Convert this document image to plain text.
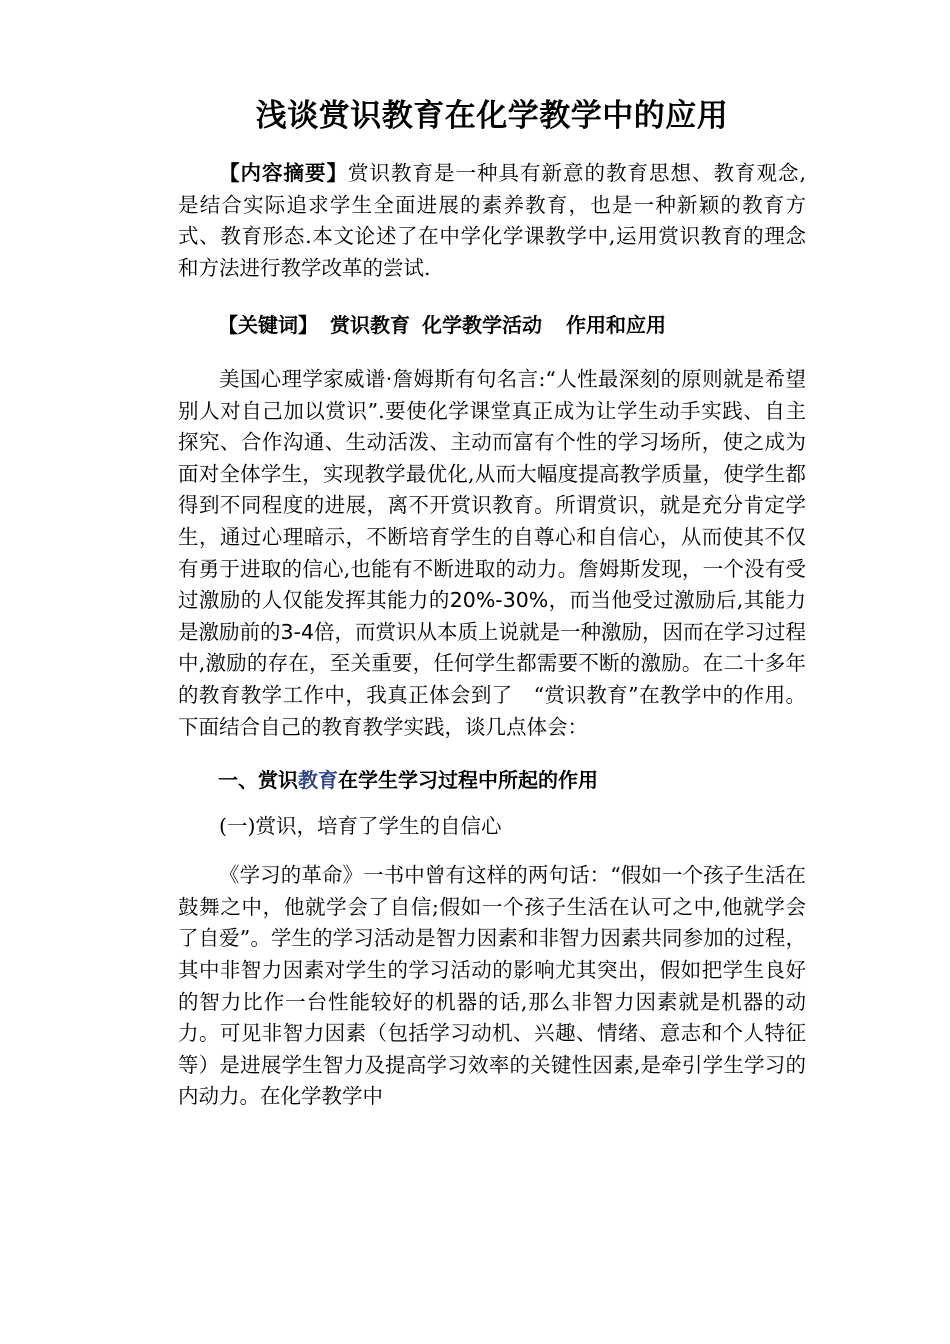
浅谈赏识教育在化学教学中的应用

【内容摘要】赏识教育是一种具有新意的教育思想、教育观念, 是结合实际追求学生全面进展的素养教育，也是一种新颖的教育方式、教育形态.本文论述了在中学化学课教学中,运用赏识教育的理念和方法进行教学改革的尝试.

【关键词】 赏识教育 化学教学活动 作用和应用

美国心理学家威谱·詹姆斯有句名言:“人性最深刻的原则就是希望别人对自己加以赏识”.要使化学课堂真正成为让学生动手实践、自主探究、合作沟通、生动活泼、主动而富有个性的学习场所，使之成为面对全体学生，实现教学最优化,从而大幅度提高教学质量，使学生都得到不同程度的进展，离不开赏识教育。所谓赏识，就是充分肯定学生，通过心理暗示，不断培育学生的自尊心和自信心，从而使其不仅有勇于进取的信心,也能有不断进取的动力。詹姆斯发现，一个没有受过激励的人仅能发挥其能力的20%-30%，而当他受过激励后,其能力是激励前的3-4倍，而赏识从本质上说就是一种激励，因而在学习过程中,激励的存在，至关重要，任何学生都需要不断的激励。在二十多年的教育教学工作中，我真正体会到了　“赏识教育”在教学中的作用。下面结合自己的教育教学实践，谈几点体会：

一、赏识教育在学生学习过程中所起的作用

(一)赏识，培育了学生的自信心

《学习的革命》一书中曾有这样的两句话：“假如一个孩子生活在鼓舞之中，他就学会了自信;假如一个孩子生活在认可之中,他就学会了自爱”。学生的学习活动是智力因素和非智力因素共同参加的过程，其中非智力因素对学生的学习活动的影响尤其突出，假如把学生良好的智力比作一台性能较好的机器的话,那么非智力因素就是机器的动力。可见非智力因素（包括学习动机、兴趣、情绪、意志和个人特征等）是进展学生智力及提高学习效率的关键性因素,是牵引学生学习的内动力。在化学教学中
